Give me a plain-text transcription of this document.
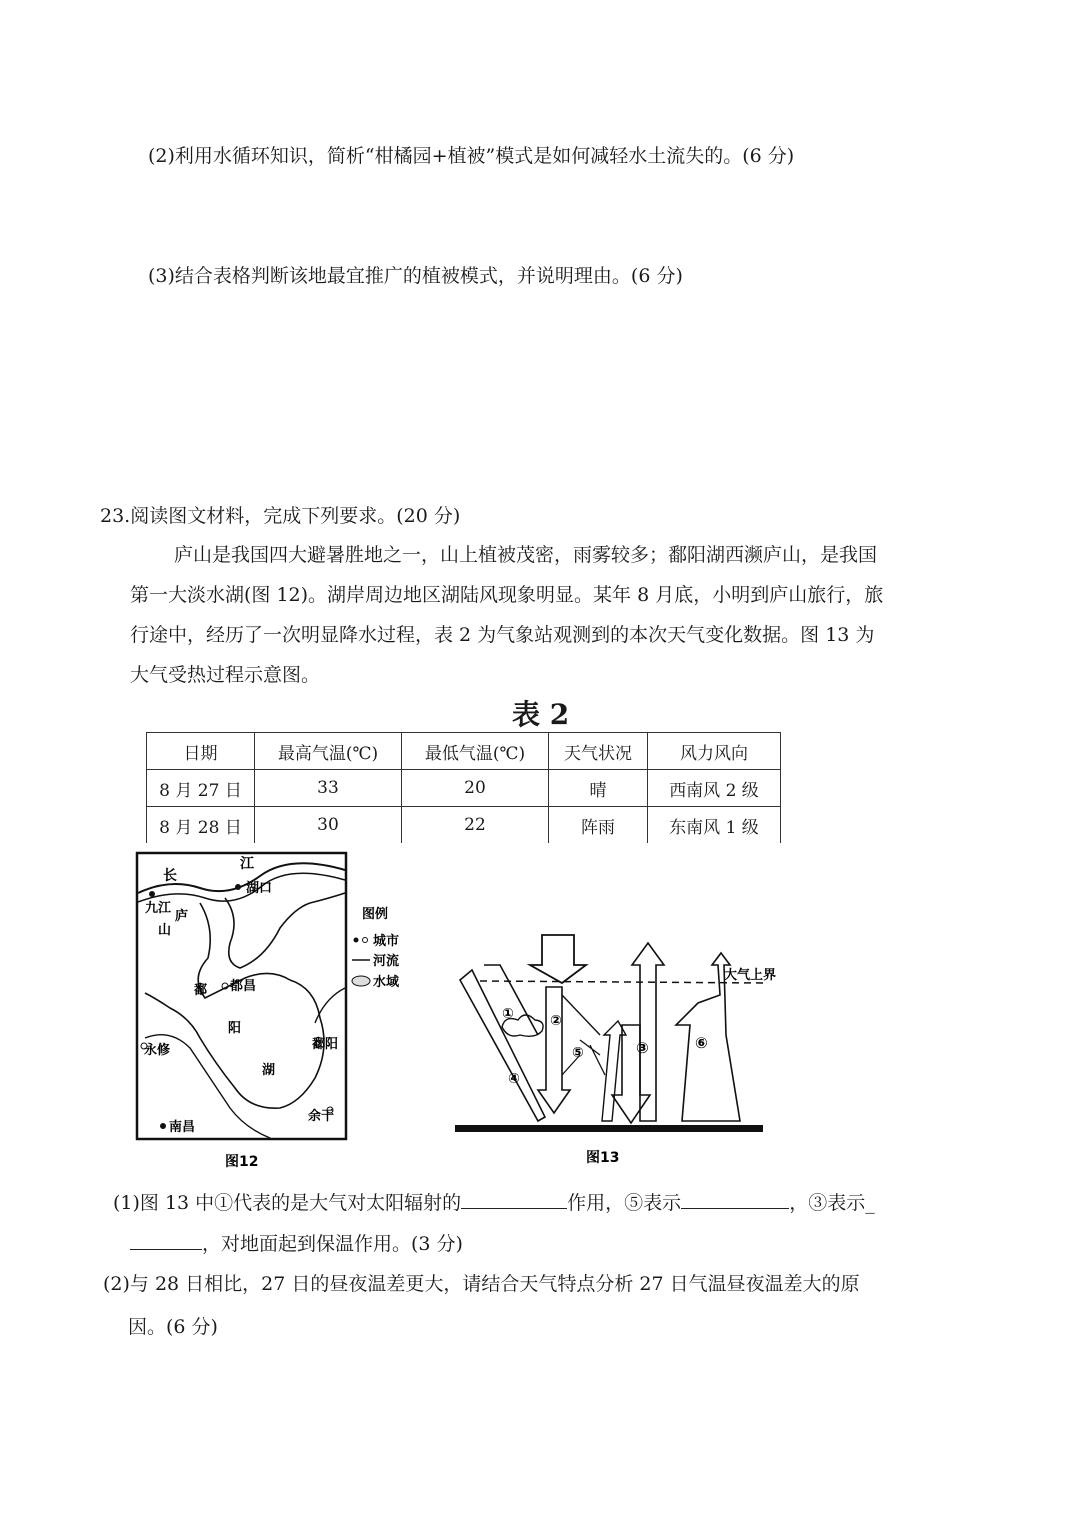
(2)利用水循环知识，简析“柑橘园+植被”模式是如何减轻水土流失的。(6 分)
(3)结合表格判断该地最宜推广的植被模式，并说明理由。(6 分)
23.阅读图文材料，完成下列要求。(20 分)
庐山是我国四大避暑胜地之一，山上植被茂密，雨雾较多；鄱阳湖西濒庐山，是我国
第一大淡水湖(图 12)。湖岸周边地区湖陆风现象明显。某年 8 月底，小明到庐山旅行，旅
行途中，经历了一次明显降水过程，表 2 为气象站观测到的本次天气变化数据。图 13 为
大气受热过程示意图。
表 2
日期	最高气温(℃)	最低气温(℃)	天气状况	风力风向
8 月 27 日	33	20	晴	西南风 2 级
8 月 28 日	30	22	阵雨	东南风 1 级
长
江
湖口
九江
庐
山
鄱 都昌
阳
湖
鄱阳
永修
余干
南昌
图例
城市
河流
水域
图12
大气上界
①	②
③
④
⑤
⑥
图13
(1)图 13 中①代表的是大气对太阳辐射的	作用，⑤表示	，③表示_
，对地面起到保温作用。(3 分)
(2)与 28 日相比，27 日的昼夜温差更大，请结合天气特点分析 27 日气温昼夜温差大的原
因。(6 分)
